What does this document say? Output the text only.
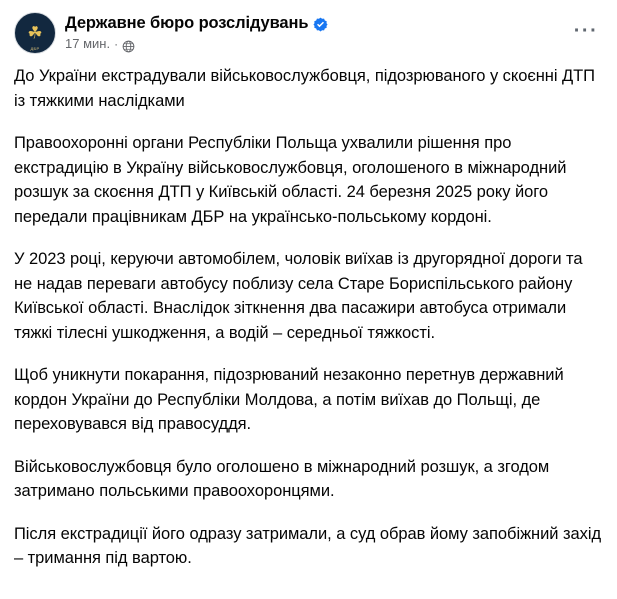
☘
ДБР
Державне бюро розслідувань
17 мин. ·
···

До України екстрадували військовослужбовця, підозрюваного у скоєнні ДТП із тяжкими наслідками

Правоохоронні органи Республіки Польща ухвалили рішення про екстрадицію в Україну військовослужбовця, оголошеного в міжнародний розшук за скоєння ДТП у Київській області. 24 березня 2025 року його передали працівникам ДБР на українсько-польському кордоні.

У 2023 році, керуючи автомобілем, чоловік виїхав із другорядної дороги та не надав переваги автобусу поблизу села Старе Бориспільського району Київської області. Внаслідок зіткнення два пасажири автобуса отримали тяжкі тілесні ушкодження, а водій – середньої тяжкості.

Щоб уникнути покарання, підозрюваний незаконно перетнув державний кордон України до Республіки Молдова, а потім виїхав до Польщі, де переховувався від правосуддя.

Військовослужбовця було оголошено в міжнародний розшук, а згодом затримано польськими правоохоронцями.

Після екстрадиції його одразу затримали, а суд обрав йому запобіжний захід – тримання під вартою.
